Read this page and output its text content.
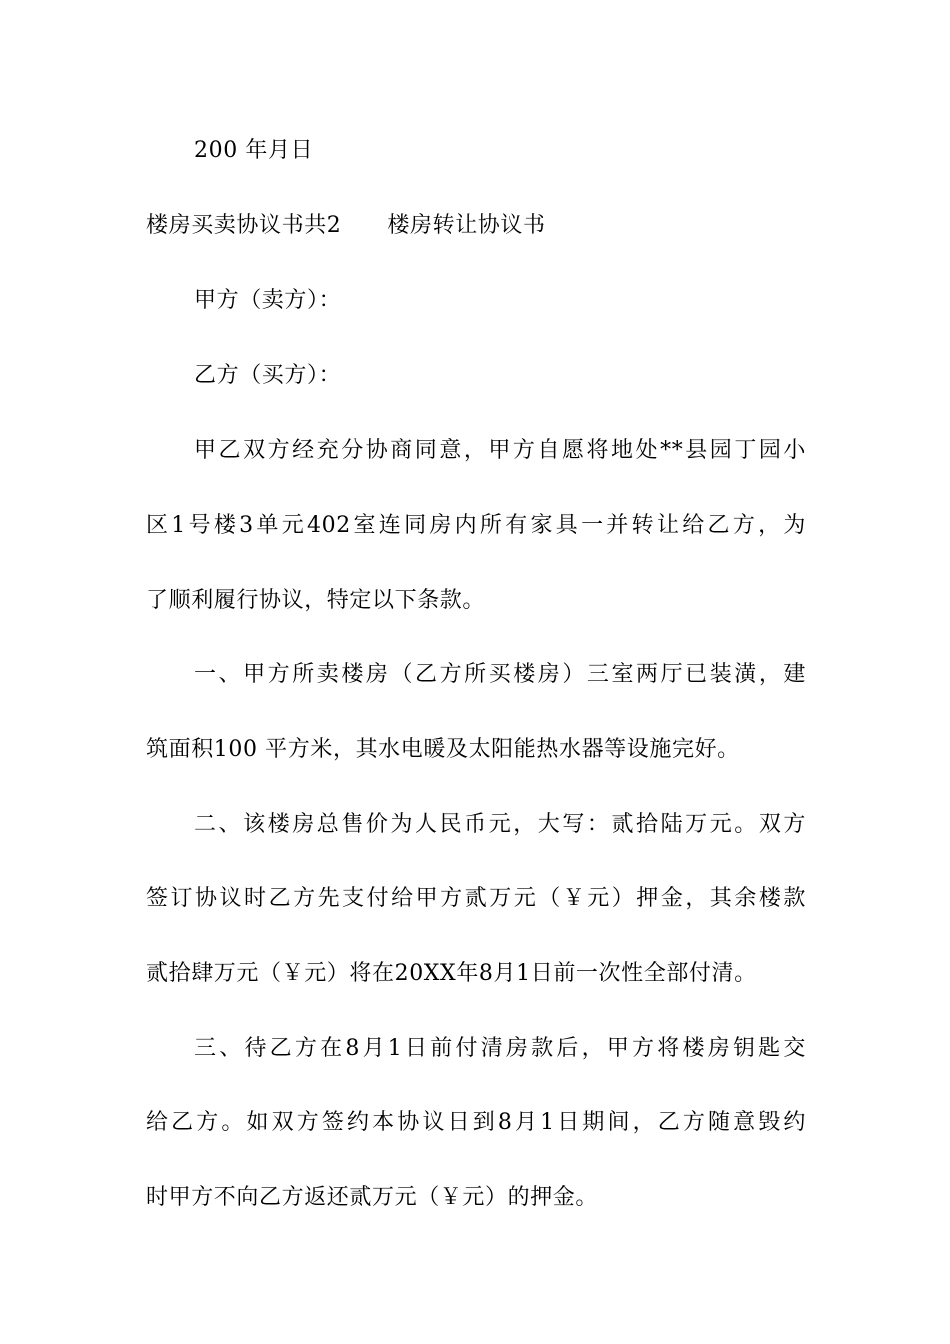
200 年月日
楼房买卖协议书共2 楼房转让协议书
甲方（卖方）：
乙方（买方）：
甲乙双方经充分协商同意，甲方自愿将地处**县园丁园小
区1号楼3单元402室连同房内所有家具一并转让给乙方，为
了顺利履行协议，特定以下条款。
一、甲方所卖楼房（乙方所买楼房）三室两厅已装潢，建
筑面积100 平方米，其水电暖及太阳能热水器等设施完好。
二、该楼房总售价为人民币元，大写：贰拾陆万元。双方
签订协议时乙方先支付给甲方贰万元（￥元）押金，其余楼款
贰拾肆万元（￥元）将在20XX年8月1日前一次性全部付清。
三、待乙方在8月1日前付清房款后，甲方将楼房钥匙交
给乙方。如双方签约本协议日到8月1日期间，乙方随意毁约
时甲方不向乙方返还贰万元（￥元）的押金。
